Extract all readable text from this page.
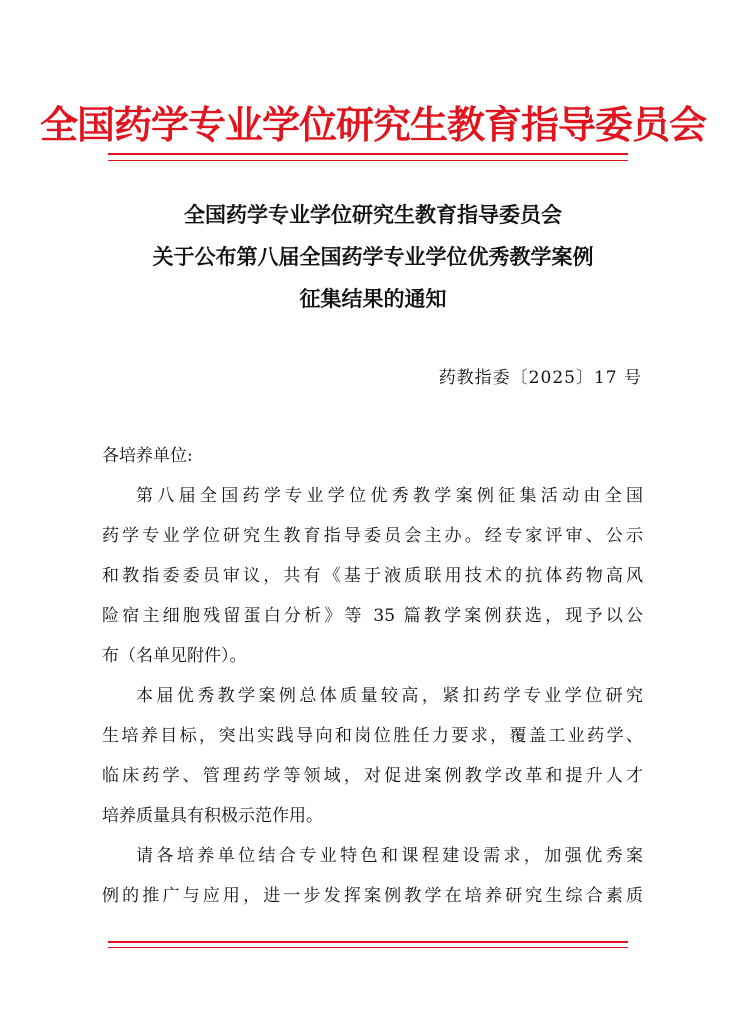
全国药学专业学位研究生教育指导委员会
全国药学专业学位研究生教育指导委员会
关于公布第八届全国药学专业学位优秀教学案例
征集结果的通知
药教指委〔2025〕17 号
各培养单位:
第八届全国药学专业学位优秀教学案例征集活动由全国
药学专业学位研究生教育指导委员会主办。经专家评审、公示
和教指委委员审议，共有《基于液质联用技术的抗体药物高风
险宿主细胞残留蛋白分析》等 35 篇教学案例获选，现予以公
布（名单见附件）。
本届优秀教学案例总体质量较高，紧扣药学专业学位研究
生培养目标，突出实践导向和岗位胜任力要求，覆盖工业药学、
临床药学、管理药学等领域，对促进案例教学改革和提升人才
培养质量具有积极示范作用。
请各培养单位结合专业特色和课程建设需求，加强优秀案
例的推广与应用，进一步发挥案例教学在培养研究生综合素质
